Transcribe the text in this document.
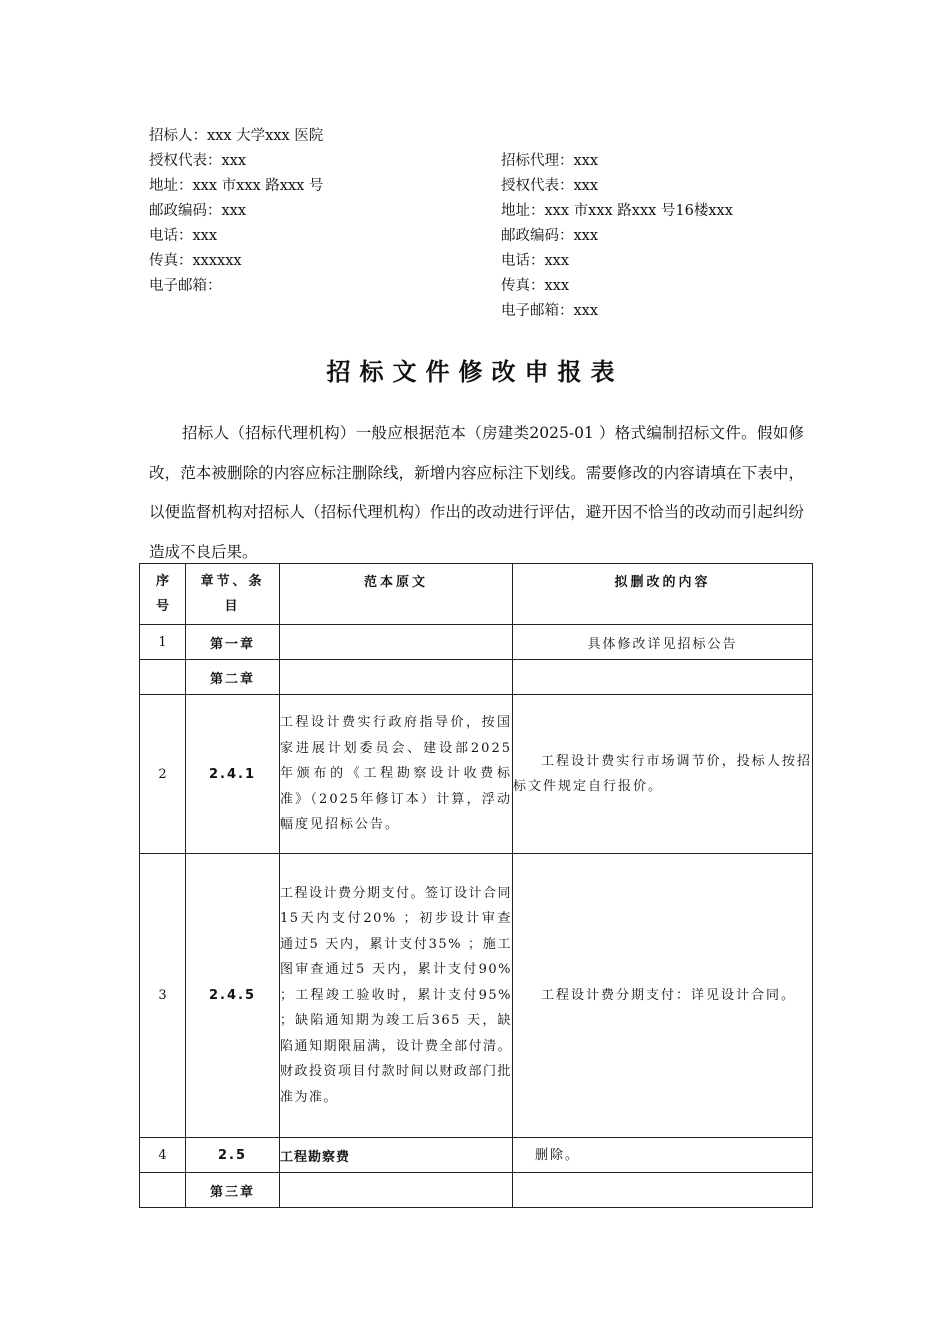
招标人：xxx 大学xxx 医院
授权代表：xxx
地址：xxx 市xxx 路xxx 号
邮政编码：xxx
电话：xxx
传真：xxxxxx
电子邮箱：
招标代理：xxx
授权代表：xxx
地址：xxx 市xxx 路xxx 号16楼xxx
邮政编码：xxx
电话：xxx
传真：xxx
电子邮箱：xxx
招标文件修改申报表
招标人（招标代理机构）一般应根据范本（房建类2025-01 ）格式编制招标文件。假如修改，范本被删除的内容应标注删除线，新增内容应标注下划线。需要修改的内容请填在下表中，以便监督机构对招标人（招标代理机构）作出的改动进行评估，避开因不恰当的改动而引起纠纷造成不良后果。
序号	章节、条目	范本原文	拟删改的内容
1	第一章		具体修改详见招标公告
	第二章		
2	2.4.1	工程设计费实行政府指导价，按国家进展计划委员会、建设部2025年颁布的《工程勘察设计收费标准》（2025年修订本）计算，浮动幅度见招标公告。	工程设计费实行市场调节价，投标人按招标文件规定自行报价。
3	2.4.5	工程设计费分期支付。签订设计合同15天内支付20% ；初步设计审查通过5 天内，累计支付35% ；施工图审查通过5 天内，累计支付90% ；工程竣工验收时，累计支付95% ；缺陷通知期为竣工后365 天，缺陷通知期限届满，设计费全部付清。财政投资项目付款时间以财政部门批准为准。	工程设计费分期支付：详见设计合同。
4	2.5	工程勘察费	删除。
	第三章		
